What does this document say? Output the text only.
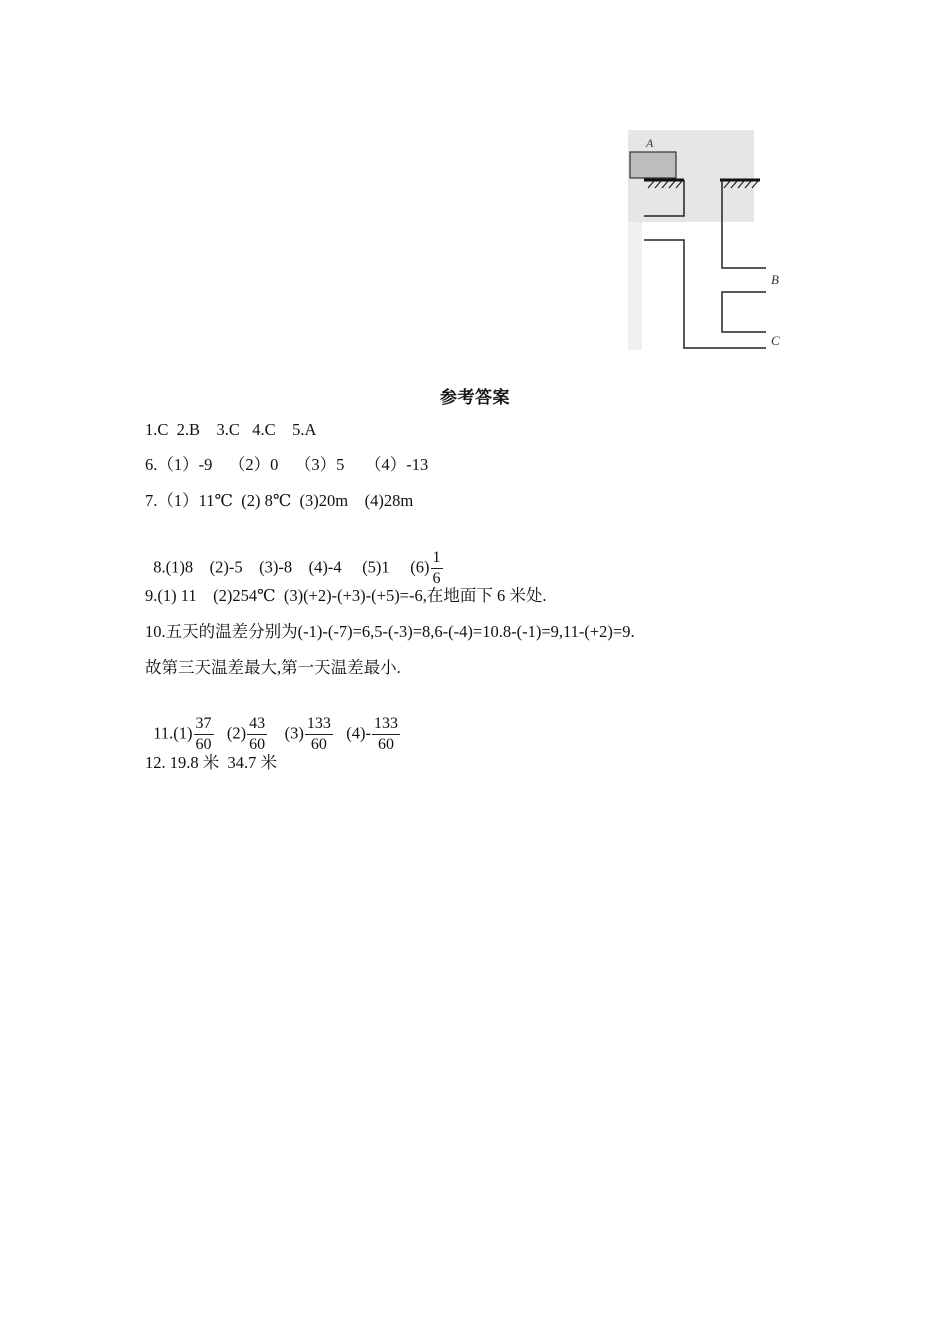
A
B
C
参考答案
1.C  2.B    3.C   4.C    5.A
6.（1）-9    （2）0    （3）5     （4）-13
7.（1）11℃  (2) 8℃  (3)20m    (4)28m

8.(1)8    (2)-5    (3)-8    (4)-4     (5)1     $(6) \frac{1}{6}$

9.(1) 11    (2)254℃  (3)(+2)-(+3)-(+5)=-6,在地面下 6 米处.
10.五天的温差分别为(-1)-(-7)=6,5-(-3)=8,6-(-4)=10.8-(-1)=9,11-(+2)=9.
故第三天温差最大,第一天温差最小.

$11.(1) \frac{37}{60} (2) \frac{43}{60} (3) \frac{133}{60} (4)- \frac{133}{60}$

12. 19.8 米  34.7 米
